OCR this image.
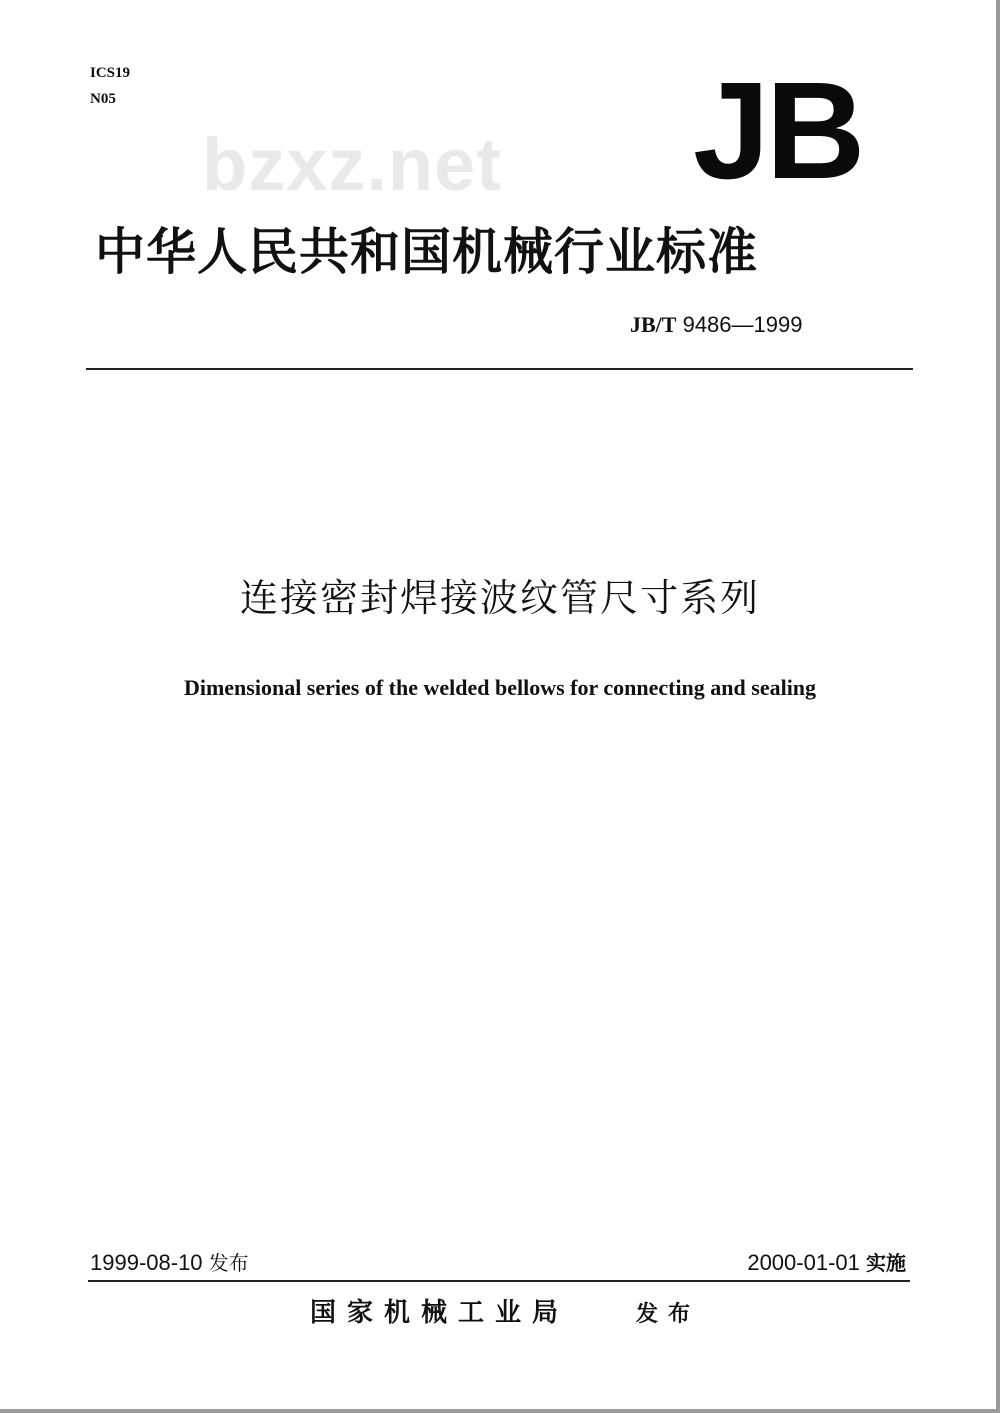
ICS19
N05
bzxz.net JB
中华人民共和国机械行业标准
JB/T 9486—1999
连接密封焊接波纹管尺寸系列
Dimensional series of the welded bellows for connecting and sealing
1999-08-10 发布	2000-01-01 实施
国家机械工业局	发布
